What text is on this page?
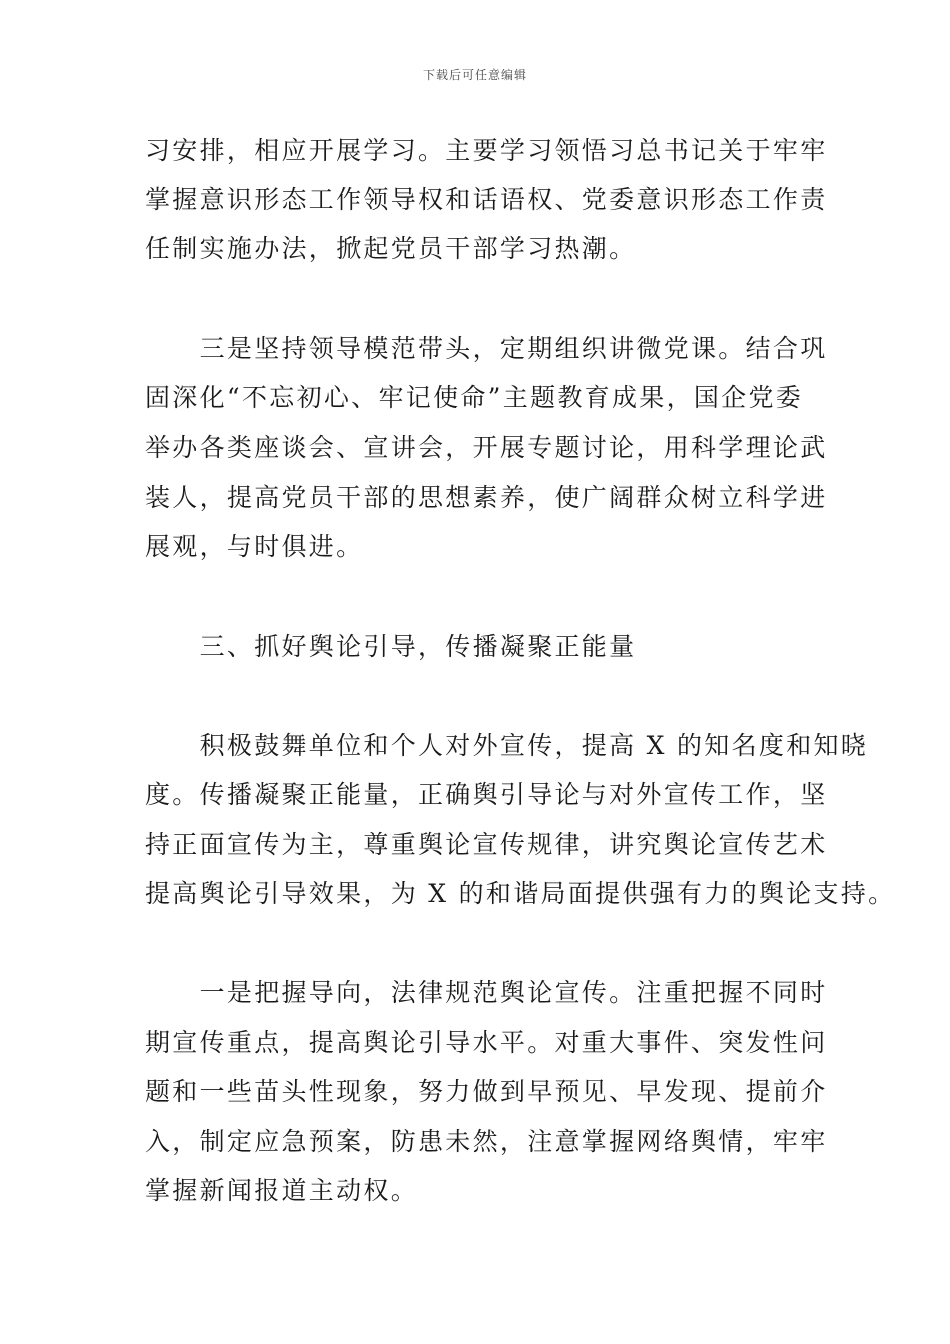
下载后可任意编辑

习安排，相应开展学习。主要学习领悟习总书记关于牢牢

掌握意识形态工作领导权和话语权、党委意识形态工作责

任制实施办法，掀起党员干部学习热潮。

　　三是坚持领导模范带头，定期组织讲微党课。结合巩

固深化“不忘初心、牢记使命”主题教育成果，国企党委

举办各类座谈会、宣讲会，开展专题讨论，用科学理论武

装人，提高党员干部的思想素养，使广阔群众树立科学进

展观，与时俱进。

　　三、抓好舆论引导，传播凝聚正能量

　　积极鼓舞单位和个人对外宣传，提高 X 的知名度和知晓

度。传播凝聚正能量，正确舆引导论与对外宣传工作，坚

持正面宣传为主，尊重舆论宣传规律，讲究舆论宣传艺术

提高舆论引导效果，为 X 的和谐局面提供强有力的舆论支持。

　　一是把握导向，法律规范舆论宣传。注重把握不同时

期宣传重点，提高舆论引导水平。对重大事件、突发性问

题和一些苗头性现象，努力做到早预见、早发现、提前介

入，制定应急预案，防患未然，注意掌握网络舆情，牢牢

掌握新闻报道主动权。
